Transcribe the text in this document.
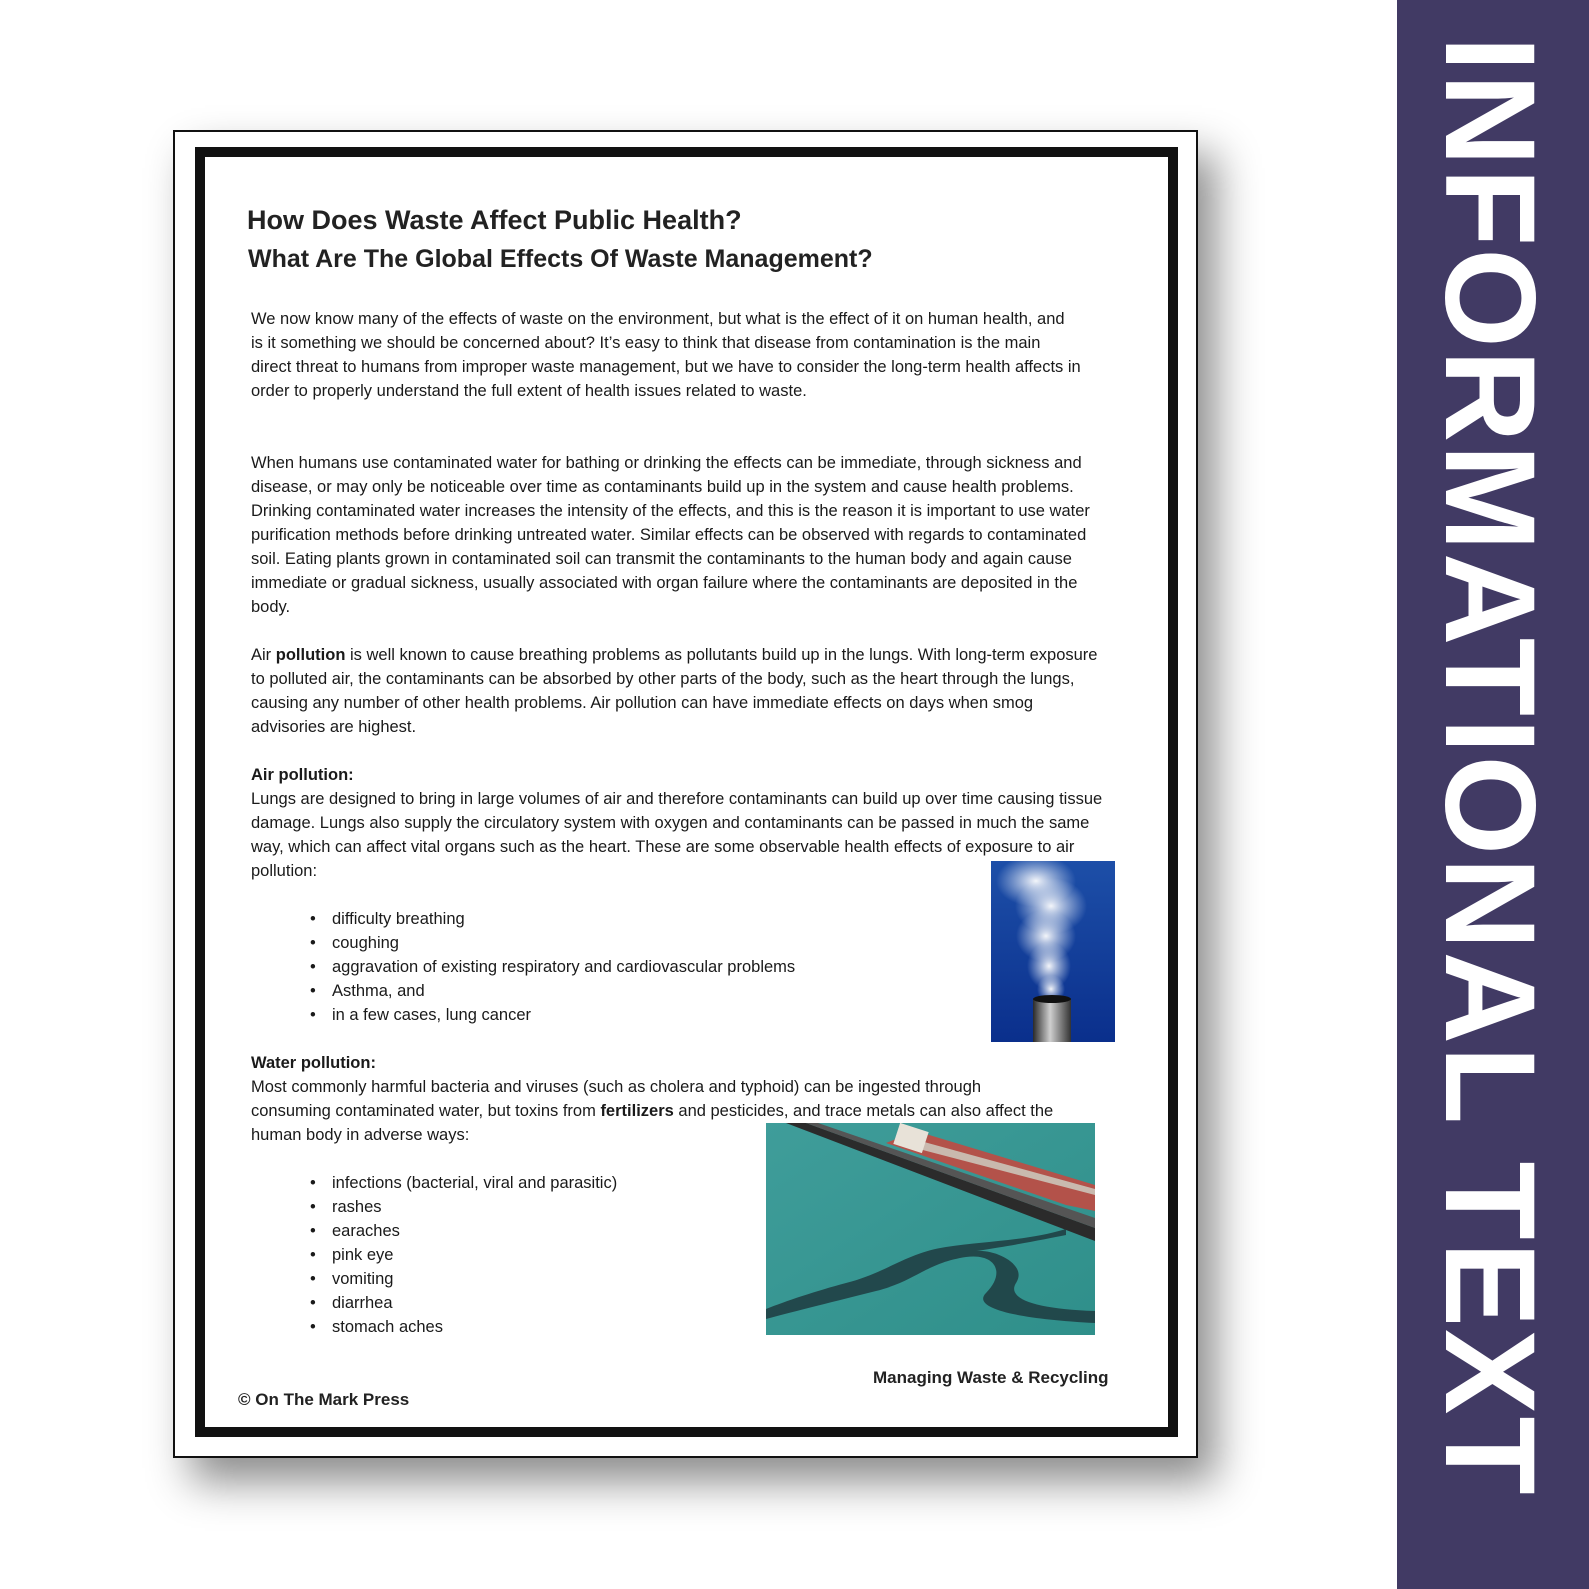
INFORMATIONAL TEXT
How Does Waste Affect Public Health?
What Are The Global Effects Of Waste Management?

We now know many of the effects of waste on the environment, but what is the effect of it on human health, and is it something we should be concerned about? It’s easy to think that disease from contamination is the main direct threat to humans from improper waste management, but we have to consider the long-term health affects in order to properly understand the full extent of health issues related to waste.

When humans use contaminated water for bathing or drinking the effects can be immediate, through sickness and disease, or may only be noticeable over time as contaminants build up in the system and cause health problems. Drinking contaminated water increases the intensity of the effects, and this is the reason it is important to use water purification methods before drinking untreated water. Similar effects can be observed with regards to contaminated soil. Eating plants grown in contaminated soil can transmit the contaminants to the human body and again cause immediate or gradual sickness, usually associated with organ failure where the contaminants are deposited in the body.

Air pollution is well known to cause breathing problems as pollutants build up in the lungs. With long-term exposure to polluted air, the contaminants can be absorbed by other parts of the body, such as the heart through the lungs, causing any number of other health problems. Air pollution can have immediate effects on days when smog advisories are highest.

Air pollution:

Lungs are designed to bring in large volumes of air and therefore contaminants can build up over time causing tissue damage. Lungs also supply the circulatory system with oxygen and contaminants can be passed in much the same way, which can affect vital organs such as the heart. These are some observable health effects of exposure to air pollution:

• difficulty breathing
• coughing
• aggravation of existing respiratory and cardiovascular problems
• Asthma, and
• in a few cases, lung cancer

Water pollution:

Most commonly harmful bacteria and viruses (such as cholera and typhoid) can be ingested through consuming contaminated water, but toxins from fertilizers and pesticides, and trace metals can also affect the human body in adverse ways:

• infections (bacterial, viral and parasitic)
• rashes
• earaches
• pink eye
• vomiting
• diarrhea
• stomach aches

Managing Waste & Recycling

© On The Mark Press
